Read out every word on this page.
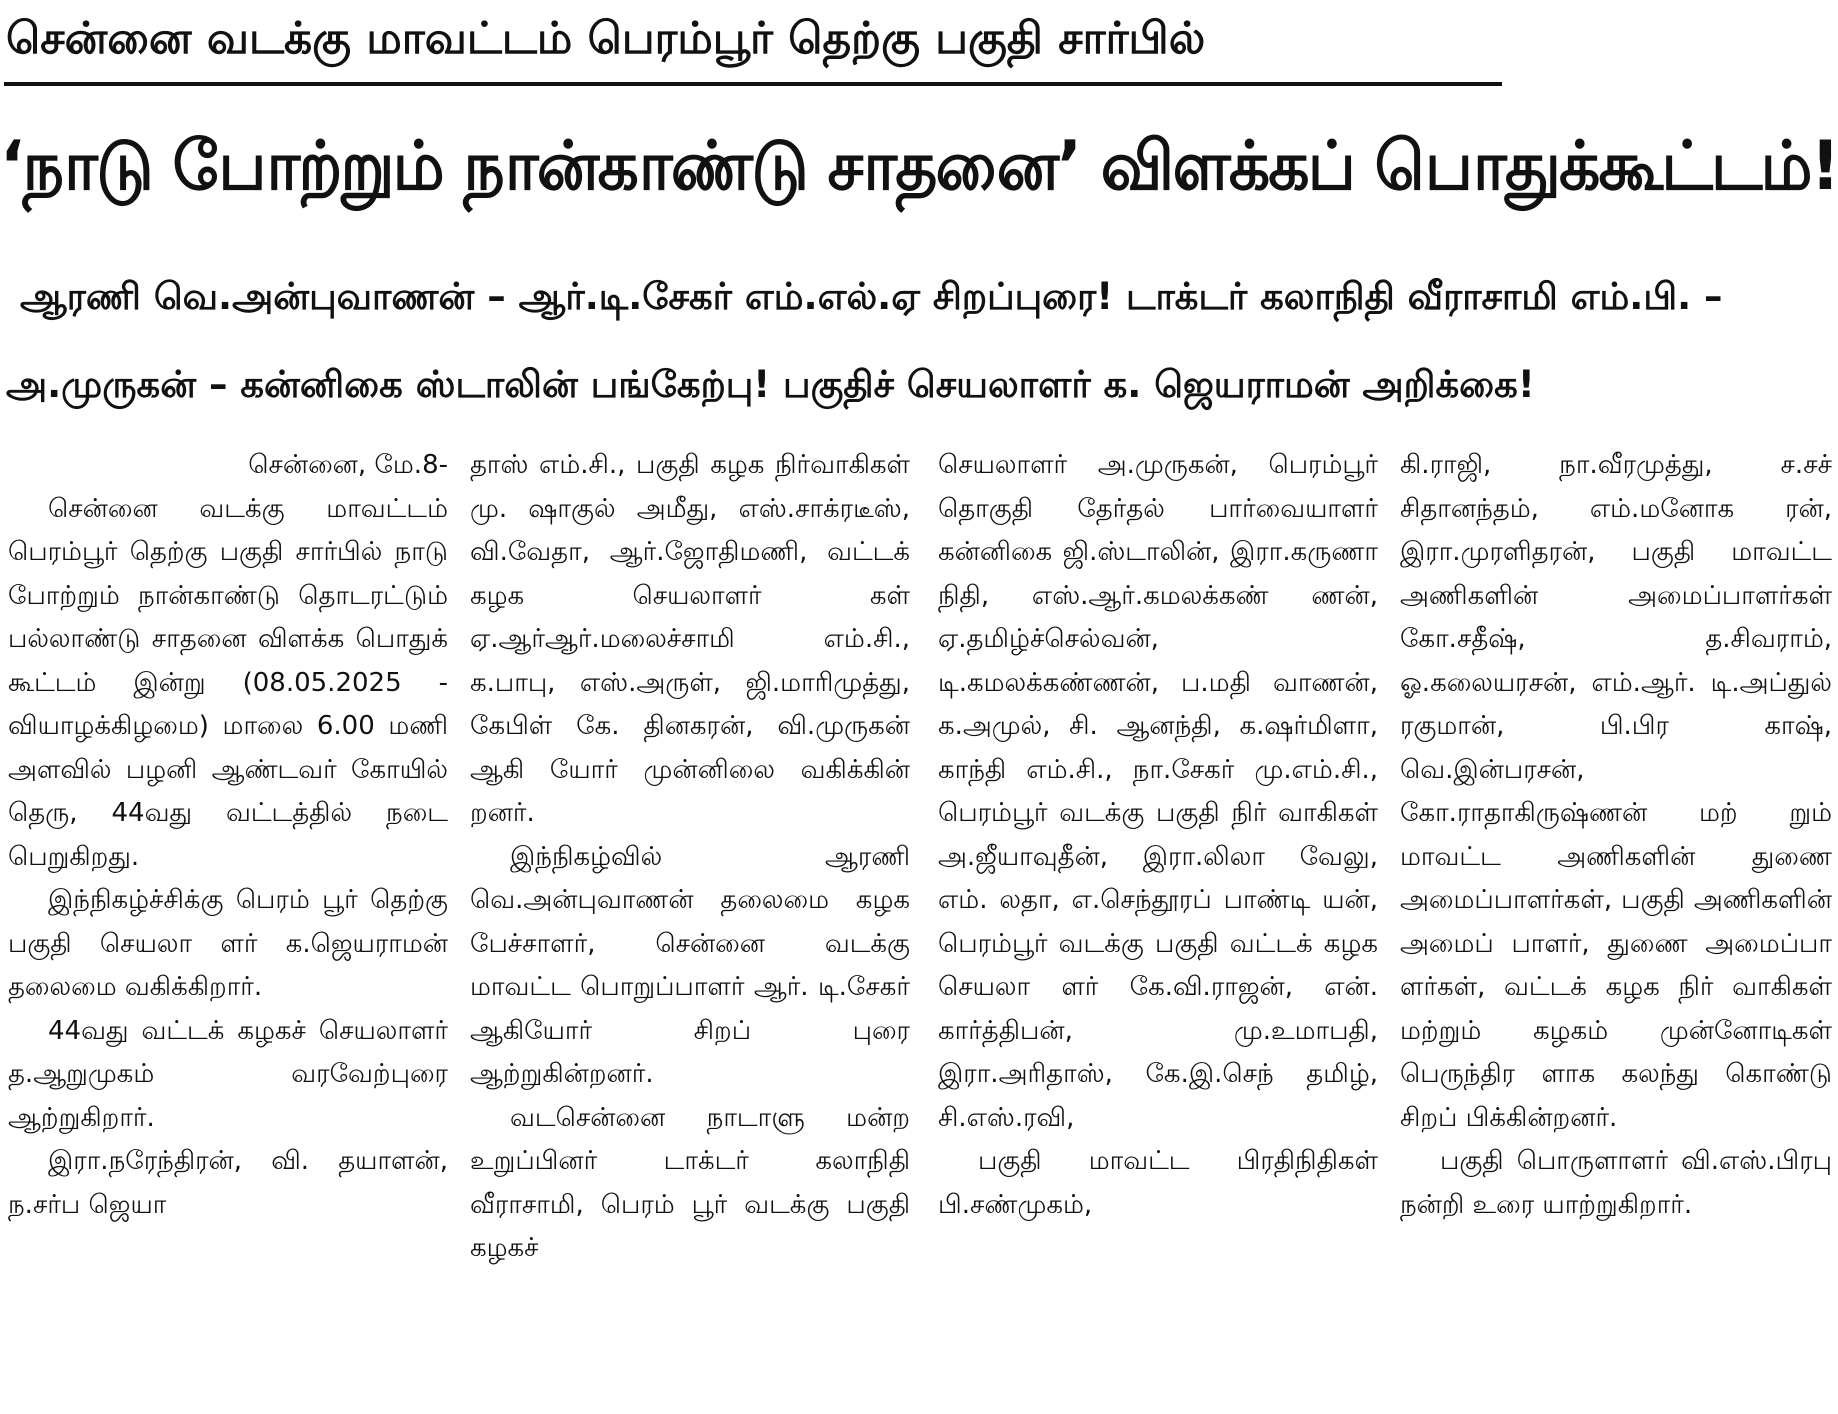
சென்னை வடக்கு மாவட்டம் பெரம்பூர் தெற்கு பகுதி சார்பில்
‘நாடு போற்றும் நான்காண்டு சாதனை’ விளக்கப் பொதுக்கூட்டம்!
ஆரணி வெ.அன்புவாணன் – ஆர்.டி.சேகர் எம்.எல்.ஏ சிறப்புரை! டாக்டர் கலாநிதி வீராசாமி எம்.பி. –
அ.முருகன் – கன்னிகை ஸ்டாலின் பங்கேற்பு! பகுதிச் செயலாளர் க. ஜெயராமன் அறிக்கை!

சென்னை, மே.8-

சென்னை வடக்கு மாவட்டம் பெரம்பூர் தெற்கு பகுதி சார்பில் நாடு போற்றும் நான்காண்டு தொடரட்டும் பல்லாண்டு சாதனை விளக்க பொதுக் கூட்டம் இன்று (08.05.2025 - வியாழக்கிழமை) மாலை 6.00 மணி அளவில் பழனி ஆண்டவர் கோயில் தெரு, 44வது வட்டத்தில் நடை பெறுகிறது.

இந்நிகழ்ச்சிக்கு பெரம் பூர் தெற்கு பகுதி செயலா ளர் க.ஜெயராமன் தலைமை வகிக்கிறார்.

44வது வட்டக் கழகச் செயலாளர் த.ஆறுமுகம் வரவேற்புரை ஆற்றுகிறார்.

இரா.நரேந்திரன், வி. தயாளன், ந.சர்ப ஜெயா

தாஸ் எம்.சி., பகுதி கழக நிர்வாகிகள் மு. ஷாகுல் அமீது, எஸ்.சாக்ரடீஸ், வி.வேதா, ஆர்.ஜோதிமணி, வட்டக் கழக செயலாளர் கள் ஏ.ஆர்ஆர்.மலைச்சாமி எம்.சி., க.பாபு, எஸ்.அருள், ஜி.மாரிமுத்து, கேபிள் கே. தினகரன், வி.முருகன் ஆகி யோர் முன்னிலை வகிக்கின் றனர்.

இந்நிகழ்வில் ஆரணி வெ.அன்புவாணன் தலைமை கழக பேச்சாளர், சென்னை வடக்கு மாவட்ட பொறுப்பாளர் ஆர். டி.சேகர் ஆகியோர் சிறப் புரை ஆற்றுகின்றனர்.

வடசென்னை நாடாளு மன்ற உறுப்பினர் டாக்டர் கலாநிதி வீராசாமி, பெரம் பூர் வடக்கு பகுதி கழகச்

செயலாளர் அ.முருகன், பெரம்பூர் தொகுதி தேர்தல் பார்வையாளர் கன்னிகை ஜி.ஸ்டாலின், இரா.கருணா நிதி, எஸ்.ஆர்.கமலக்கண் ணன், ஏ.தமிழ்ச்செல்வன், டி.கமலக்கண்ணன், ப.மதி வாணன், க.அமுல், சி. ஆனந்தி, க.ஷர்மிளா, காந்தி எம்.சி., நா.சேகர் மு.எம்.சி., பெரம்பூர் வடக்கு பகுதி நிர் வாகிகள் அ.ஜீயாவுதீன், இரா.லிலா வேலு, எம். லதா, எ.செந்தூரப் பாண்டி யன், பெரம்பூர் வடக்கு பகுதி வட்டக் கழக செயலா ளர் கே.வி.ராஜன், என். கார்த்திபன், மு.உமாபதி, இரா.அரிதாஸ், கே.இ.செந் தமிழ், சி.எஸ்.ரவி,

பகுதி மாவட்ட பிரதிநிதிகள் பி.சண்முகம்,

கி.ராஜி, நா.வீரமுத்து, ச.சச் சிதானந்தம், எம்.மனோக ரன், இரா.முரளிதரன், பகுதி மாவட்ட அணிகளின் அமைப்பாளர்கள் கோ.சதீஷ், த.சிவராம், ஓ.கலையரசன், எம்.ஆர். டி.அப்துல் ரகுமான், பி.பிர காஷ், வெ.இன்பரசன், கோ.ராதாகிருஷ்ணன் மற் றும் மாவட்ட அணிகளின் துணை அமைப்பாளர்கள், பகுதி அணிகளின் அமைப் பாளர், துணை அமைப்பா ளர்கள், வட்டக் கழக நிர் வாகிகள் மற்றும் கழகம் முன்னோடிகள் பெருந்திர ளாக கலந்து கொண்டு சிறப் பிக்கின்றனர்.

பகுதி பொருளாளர் வி.எஸ்.பிரபு நன்றி உரை யாற்றுகிறார்.
